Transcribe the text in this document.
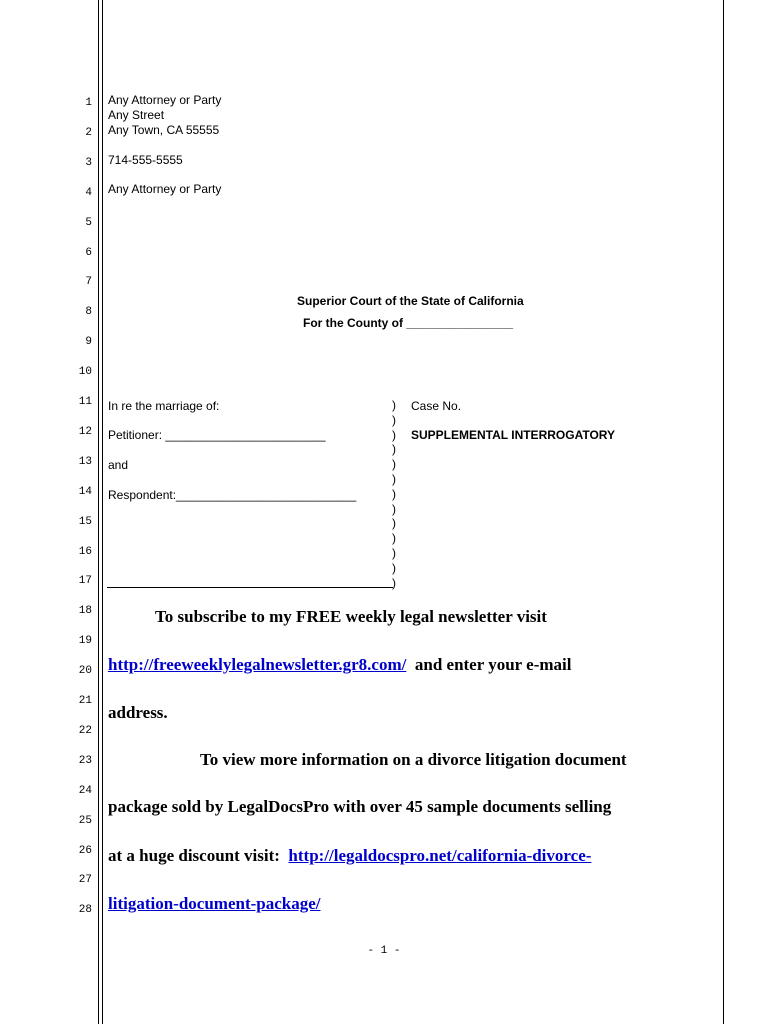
1
2
3
4
5
6
7
8
9
10
11
12
13
14
15
16
17
18
19
20
21
22
23
24
25
26
27
28
Any Attorney or Party
Any Street
Any Town, CA 55555
714-555-5555
Any Attorney or Party
Superior Court of the State of California
For the County of ________________
In re the marriage of:
Petitioner: ________________________
and
Respondent:___________________________
)
)
)
)
)
)
)
)
)
)
)
)
)
Case No.
SUPPLEMENTAL INTERROGATORY
To subscribe to my FREE weekly legal newsletter visit
http://freeweeklylegalnewsletter.gr8.com/ and enter your e-mail
address.
To view more information on a divorce litigation document
package sold by LegalDocsPro with over 45 sample documents selling
at a huge discount visit: http://legaldocspro.net/california-divorce-
litigation-document-package/
- 1 -
